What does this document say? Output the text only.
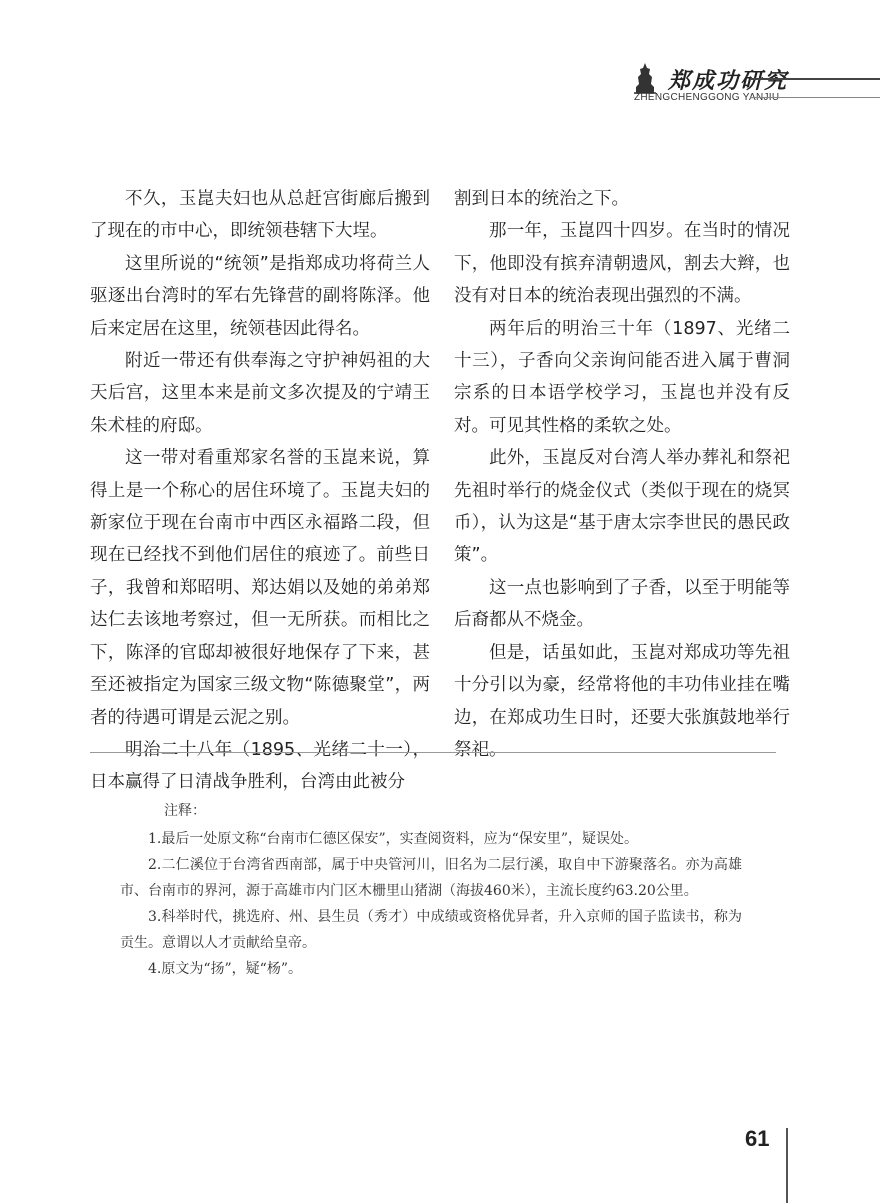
郑成功研究
ZHENGCHENGGONG YANJIU

不久，玉崑夫妇也从总赶宫街廊后搬到了现在的市中心，即统领巷辖下大埕。

这里所说的“统领”是指郑成功将荷兰人驱逐出台湾时的军右先锋营的副将陈泽。他后来定居在这里，统领巷因此得名。

附近一带还有供奉海之守护神妈祖的大天后宫，这里本来是前文多次提及的宁靖王朱术桂的府邸。

这一带对看重郑家名誉的玉崑来说，算得上是一个称心的居住环境了。玉崑夫妇的新家位于现在台南市中西区永福路二段，但现在已经找不到他们居住的痕迹了。前些日子，我曾和郑昭明、郑达娟以及她的弟弟郑达仁去该地考察过，但一无所获。而相比之下，陈泽的官邸却被很好地保存了下来，甚至还被指定为国家三级文物“陈德聚堂”，两者的待遇可谓是云泥之别。

明治二十八年（1895、光绪二十一），日本赢得了日清战争胜利，台湾由此被分

割到日本的统治之下。

那一年，玉崑四十四岁。在当时的情况下，他即没有摈弃清朝遗风，割去大辫，也没有对日本的统治表现出强烈的不满。

两年后的明治三十年（1897、光绪二十三），子香向父亲询问能否进入属于曹洞宗系的日本语学校学习，玉崑也并没有反对。可见其性格的柔软之处。

此外，玉崑反对台湾人举办葬礼和祭祀先祖时举行的烧金仪式（类似于现在的烧冥币），认为这是“基于唐太宗李世民的愚民政策”。

这一点也影响到了子香，以至于明能等后裔都从不烧金。

但是，话虽如此，玉崑对郑成功等先祖十分引以为豪，经常将他的丰功伟业挂在嘴边，在郑成功生日时，还要大张旗鼓地举行祭祀。

注释：

1.最后一处原文称“台南市仁德区保安”，实查阅资料，应为“保安里”，疑误处。

2.二仁溪位于台湾省西南部，属于中央管河川，旧名为二层行溪，取自中下游聚落名。亦为高雄市、台南市的界河，源于高雄市内门区木栅里山猪湖（海拔460米），主流长度约63.20公里。

3.科举时代，挑选府、州、县生员（秀才）中成绩或资格优异者，升入京师的国子监读书，称为贡生。意谓以人才贡献给皇帝。

4.原文为“扬”，疑“杨”。

61
